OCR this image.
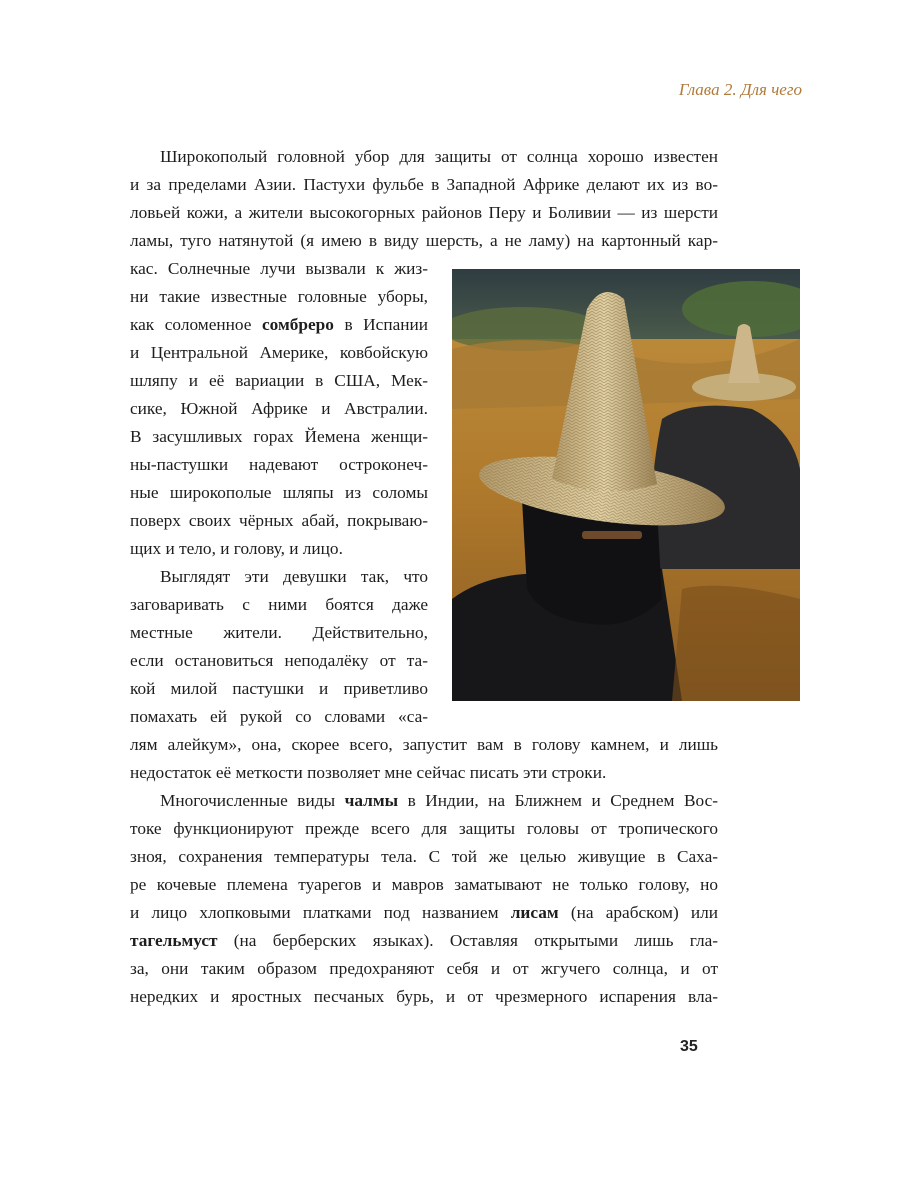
Глава 2. Для чего
Широкополый головной убор для защиты от солнца хорошо известен
и за пределами Азии. Пастухи фульбе в Западной Африке делают их из во-
ловьей кожи, а жители высокогорных районов Перу и Боливии — из шерсти
ламы, туго натянутой (я имею в виду шерсть, а не ламу) на картонный кар-
кас. Солнечные лучи вызвали к жиз-
ни такие известные головные уборы,
как соломенное сомбреро в Испании
и Центральной Америке, ковбойскую
шляпу и её вариации в США, Мек-
сике, Южной Африке и Австралии.
В засушливых горах Йемена женщи-
ны-пастушки надевают остроконеч-
ные широкополые шляпы из соломы
поверх своих чёрных абай, покрываю-
щих и тело, и голову, и лицо.
Выглядят эти девушки так, что
заговаривать с ними боятся даже
местные жители. Действительно,
если остановиться неподалёку от та-
кой милой пастушки и приветливо
помахать ей рукой со словами «са-
лям алейкум», она, скорее всего, запустит вам в голову камнем, и лишь
недостаток её меткости позволяет мне сейчас писать эти строки.
Многочисленные виды чалмы в Индии, на Ближнем и Среднем Вос-
токе функционируют прежде всего для защиты головы от тропического
зноя, сохранения температуры тела. С той же целью живущие в Саха-
ре кочевые племена туарегов и мавров заматывают не только голову, но
и лицо хлопковыми платками под названием лисам (на арабском) или
тагельмуст (на берберских языках). Оставляя открытыми лишь гла-
за, они таким образом предохраняют себя и от жгучего солнца, и от
нередких и яростных песчаных бурь, и от чрезмерного испарения вла-
35
